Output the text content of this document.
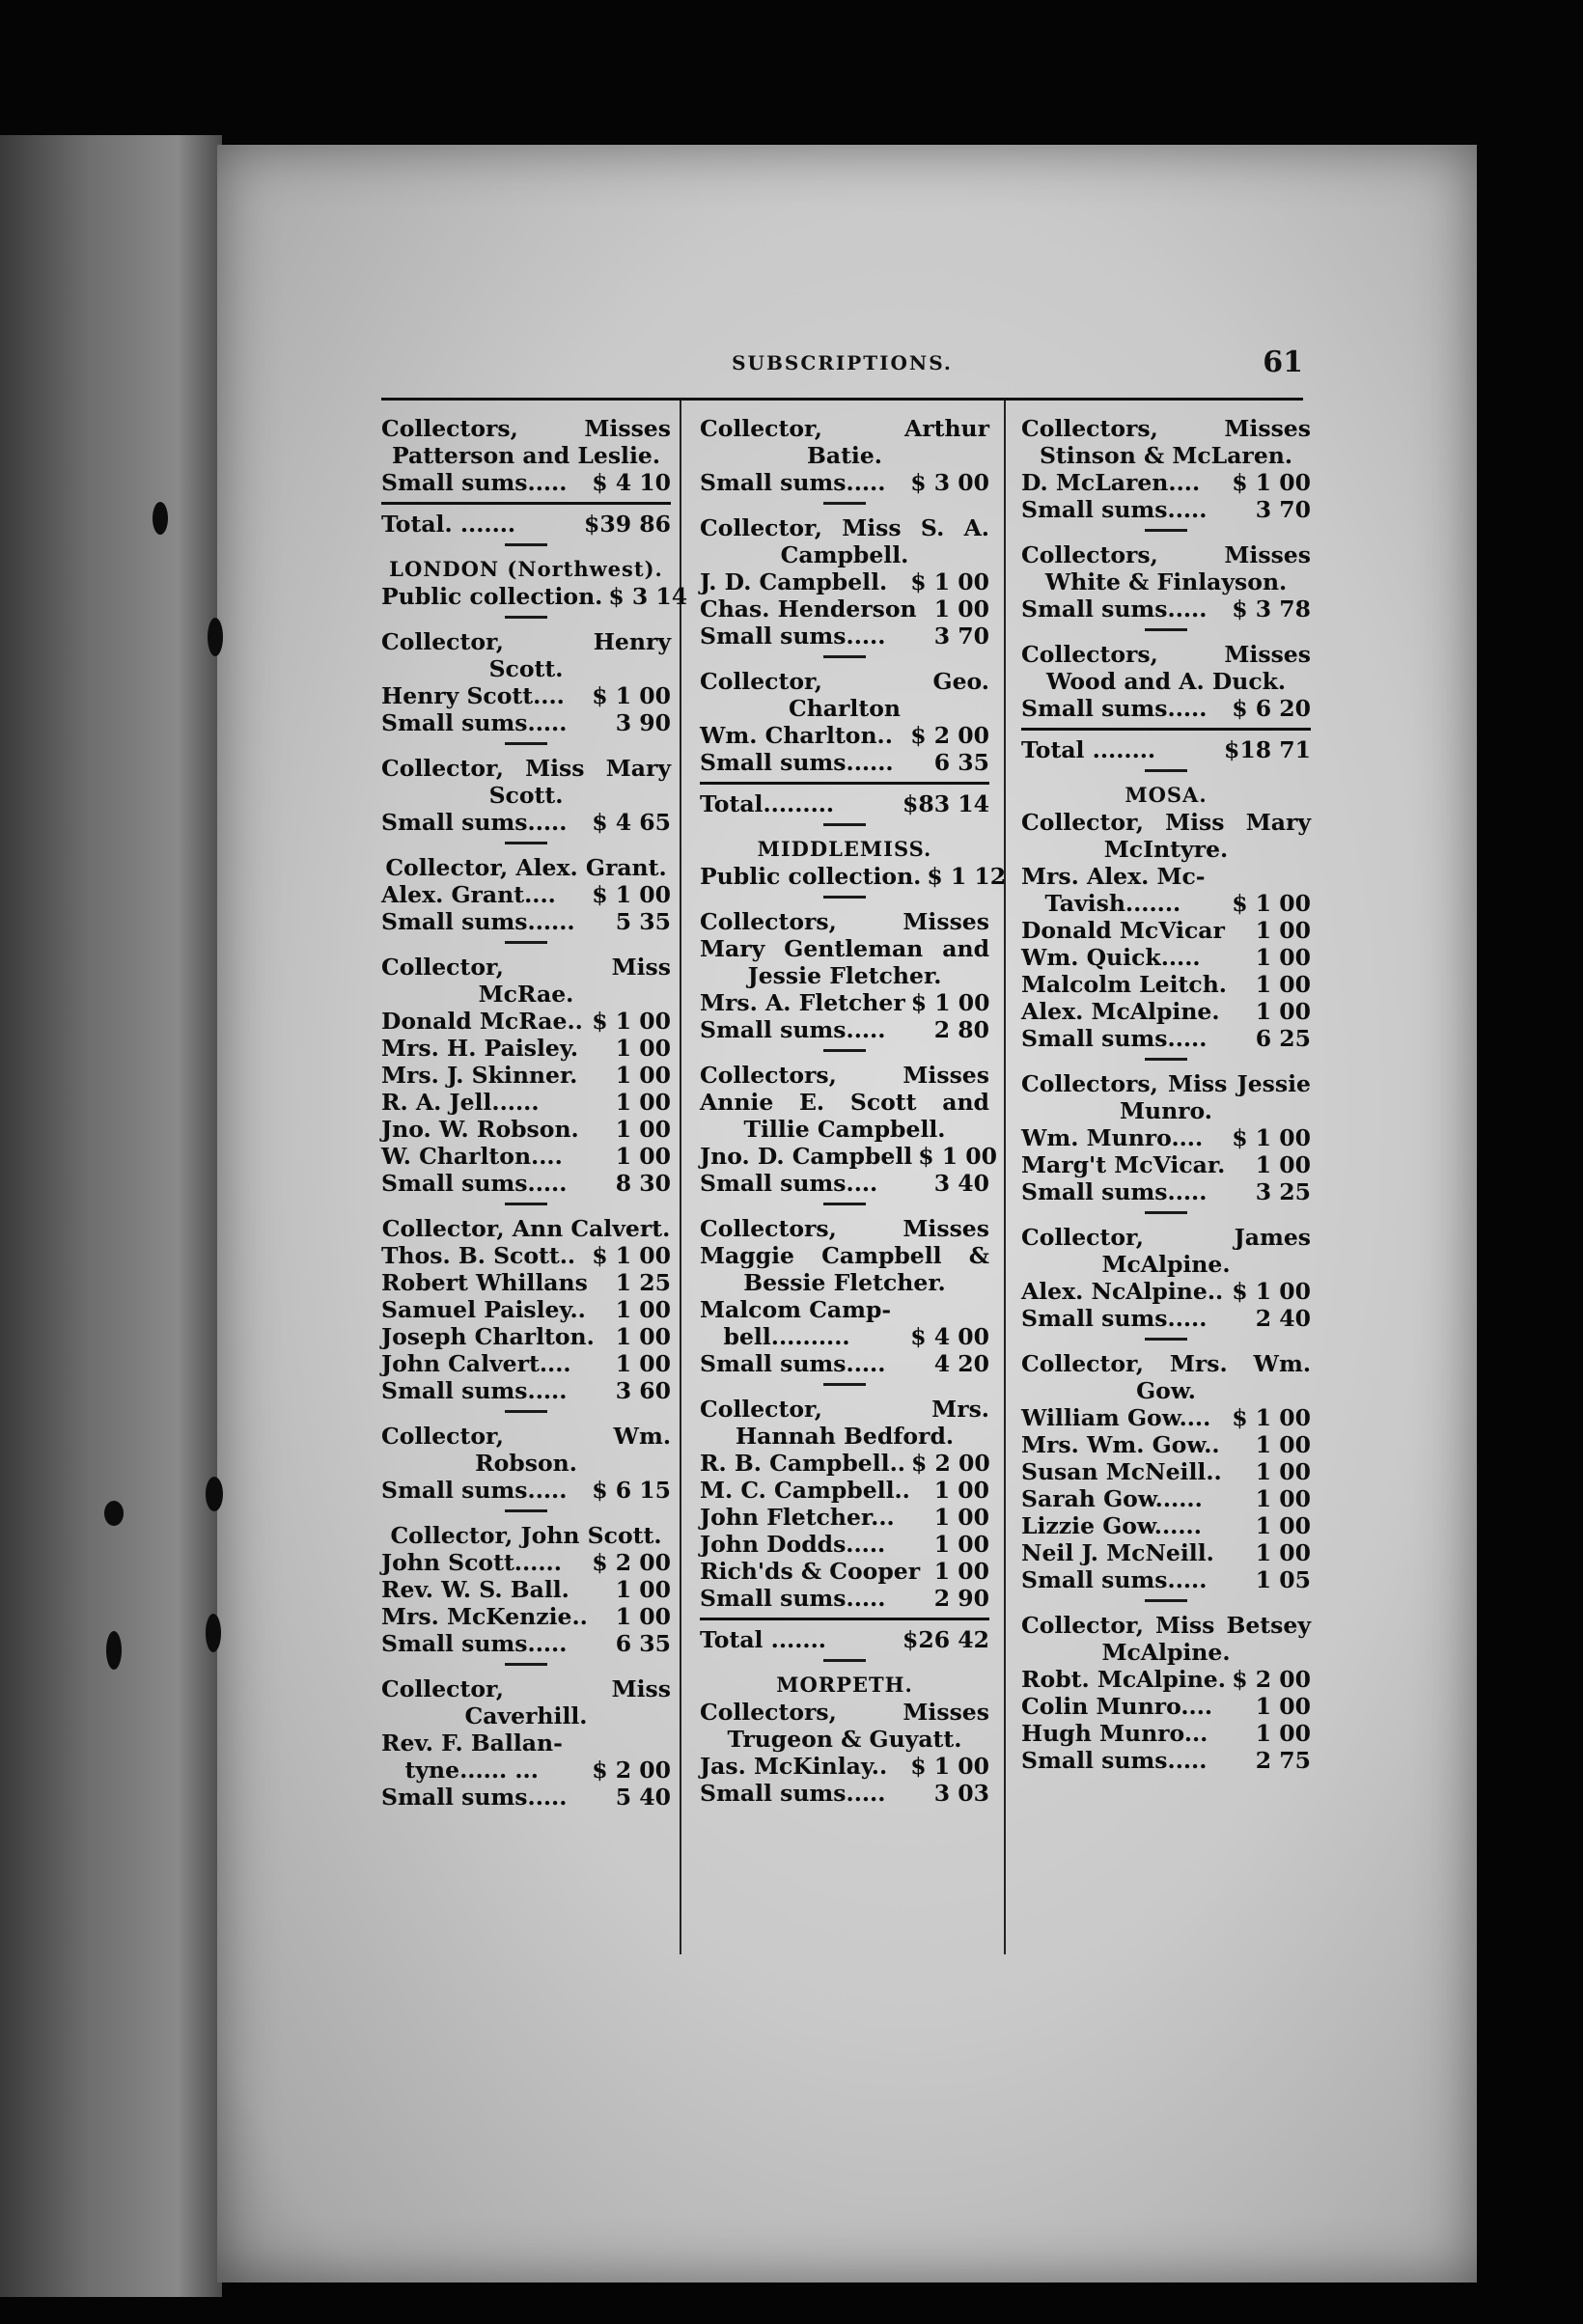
SUBSCRIPTIONS.	61
Collectors, Misses Patterson and Leslie.
Small sums..... $ 4 10
Total. .......	$39 86
LONDON (Northwest).
Public collection. $ 3 14
Collector, Henry Scott.
Henry Scott.... $ 1 00
Small sums..... 3 90
Collector, Miss Mary Scott.
Small sums..... $ 4 65
Collector, Alex. Grant.
Alex. Grant.... $ 1 00
Small sums...... 5 35
Collector, Miss McRae.
Donald McRae.. $ 1 00
Mrs. H. Paisley. 1 00
Mrs. J. Skinner. 1 00
R. A. Jell......	1 00
Jno. W. Robson. 1 00
W. Charlton.... 1 00
Small sums..... 8 30
Collector, Ann Calvert.
Thos. B. Scott.. $ 1 00
Robert Whillans 1 25
Samuel Paisley.. 1 00
Joseph Charlton. 1 00
John Calvert.... 1 00
Small sums..... 3 60
Collector, Wm. Robson.
Small sums..... $ 6 15
Collector, John Scott.
John Scott...... $ 2 00
Rev. W. S. Ball. 1 00
Mrs. McKenzie.. 1 00
Small sums..... 6 35
Collector, Miss Caverhill.
Rev. F. Ballan-
tyne...... ... $ 2 00
Small sums..... 5 40
Collector, Arthur Batie.
Small sums..... $ 3 00
Collector, Miss S. A. Campbell.
J. D. Campbell. $ 1 00
Chas. Henderson 1 00
Small sums..... 3 70
Collector, Geo. Charlton
Wm. Charlton.. $ 2 00
Small sums...... 6 35
Total.........	$83 14
MIDDLEMISS.
Public collection. $ 1 12
Collectors, Misses Mary Gentleman and Jessie Fletcher.
Mrs. A. Fletcher $ 1 00
Small sums..... 2 80
Collectors, Misses Annie E. Scott and Tillie Campbell.
Jno. D. Campbell $ 1 00
Small sums.... 3 40
Collectors, Misses Maggie Campbell & Bessie Fletcher.
Malcom Camp-
bell..........	$ 4 00
Small sums..... 4 20
Collector, Mrs. Hannah Bedford.
R. B. Campbell.. $ 2 00
M. C. Campbell.. 1 00
John Fletcher... 1 00
John Dodds..... 1 00
Rich'ds & Cooper 1 00
Small sums..... 2 90
Total .......	$26 42
MORPETH.
Collectors, Misses Trugeon & Guyatt.
Jas. McKinlay.. $ 1 00
Small sums..... 3 03
Collectors, Misses Stinson & McLaren.
D. McLaren.... $ 1 00
Small sums..... 3 70
Collectors, Misses White & Finlayson.
Small sums..... $ 3 78
Collectors, Misses Wood and A. Duck.
Small sums..... $ 6 20
Total ........	$18 71
MOSA.
Collector, Miss Mary McIntyre.
Mrs. Alex. Mc-
Tavish....... $ 1 00
Donald McVicar 1 00
Wm. Quick..... 1 00
Malcolm Leitch. 1 00
Alex. McAlpine. 1 00
Small sums..... 6 25
Collectors, Miss Jessie Munro.
Wm. Munro.... $ 1 00
Marg't McVicar. 1 00
Small sums..... 3 25
Collector, James McAlpine.
Alex. NcAlpine.. $ 1 00
Small sums..... 2 40
Collector, Mrs. Wm. Gow.
William Gow.... $ 1 00
Mrs. Wm. Gow.. 1 00
Susan McNeill.. 1 00
Sarah Gow...... 1 00
Lizzie Gow...... 1 00
Neil J. McNeill. 1 00
Small sums..... 1 05
Collector, Miss Betsey McAlpine.
Robt. McAlpine. $ 2 00
Colin Munro.... 1 00
Hugh Munro... 1 00
Small sums..... 2 75
